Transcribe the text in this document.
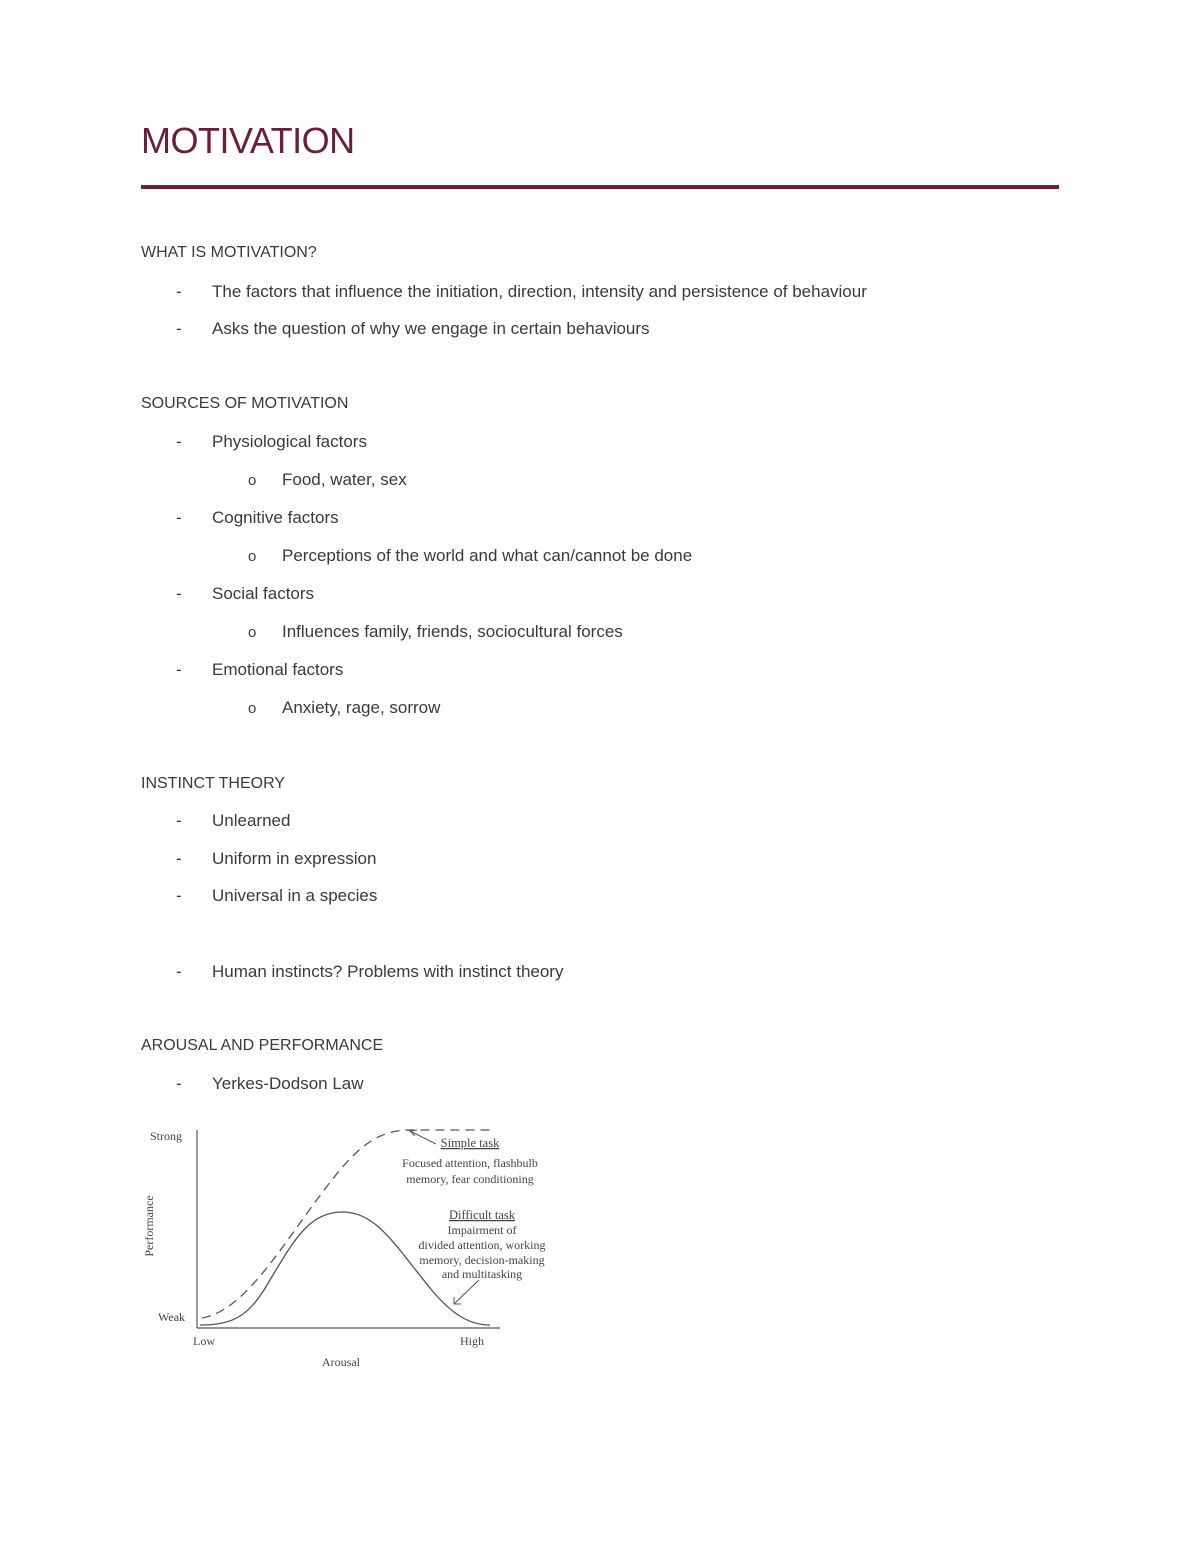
MOTIVATION
WHAT IS MOTIVATION?
- The factors that influence the initiation, direction, intensity and persistence of behaviour
- Asks the question of why we engage in certain behaviours
SOURCES OF MOTIVATION
- Physiological factors
o Food, water, sex
- Cognitive factors
o Perceptions of the world and what can/cannot be done
- Social factors
o Influences family, friends, sociocultural forces
- Emotional factors
o Anxiety, rage, sorrow
INSTINCT THEORY
- Unlearned
- Uniform in expression
- Universal in a species
- Human instincts? Problems with instinct theory
AROUSAL AND PERFORMANCE
- Yerkes-Dodson Law
Strong
Weak
Low	High
Arousal
Performance
Simple task
Focused attention, flashbulb
memory, fear conditioning
Difficult task
Impairment of
divided attention, working
memory, decision-making
and multitasking
